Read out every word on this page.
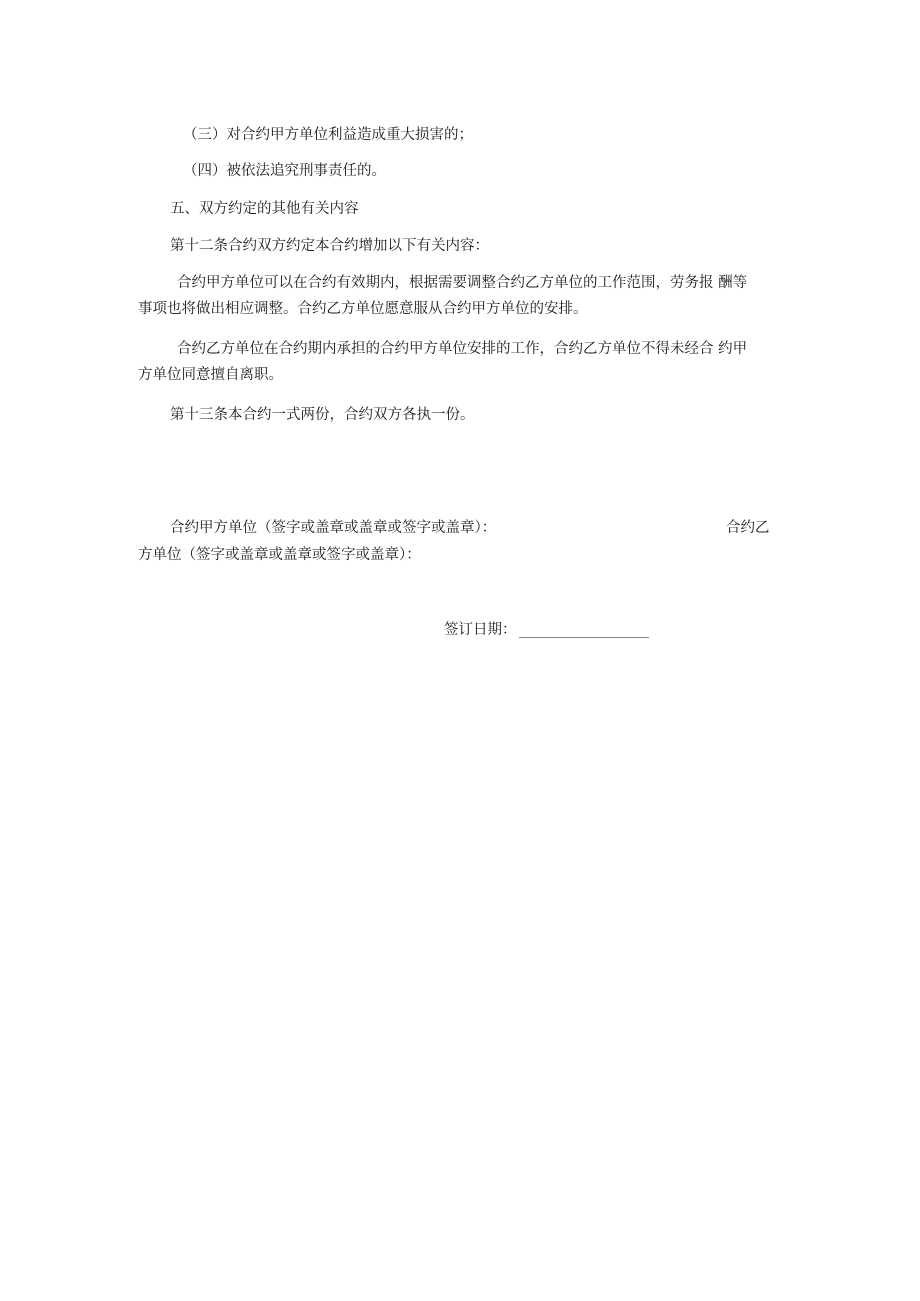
（三）对合约甲方单位利益造成重大损害的；
（四）被依法追究刑事责任的。
五、双方约定的其他有关内容
第十二条合约双方约定本合约增加以下有关内容：
合约甲方单位可以在合约有效期内，根据需要调整合约乙方单位的工作范围，劳务报 酬等
事项也将做出相应调整。合约乙方单位愿意服从合约甲方单位的安排。
合约乙方单位在合约期内承担的合约甲方单位安排的工作，合约乙方单位不得未经合 约甲
方单位同意擅自离职。
第十三条本合约一式两份，合约双方各执一份。
合约甲方单位（签字或盖章或盖章或签字或盖章）：	合约乙
方单位（签字或盖章或盖章或签字或盖章）：
签订日期：
